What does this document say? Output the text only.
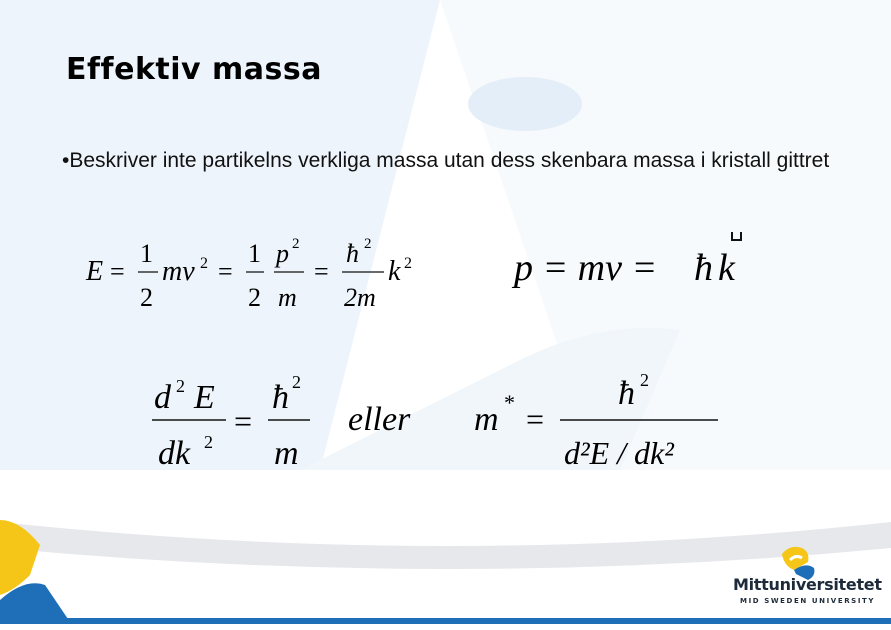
Effektiv massa
•Beskriver inte partikelns verkliga massa utan dess skenbara massa i kristall gittret
E =
1
2
mv 2 =
1
2
p 2
m
=
ħ 2
2m
k 2	p = mv = ħ k
d 2 E
dk 2
=
ħ 2
m
eller m * =
ħ 2
d²E / dk²
Mittuniversitetet
MID SWEDEN UNIVERSITY
